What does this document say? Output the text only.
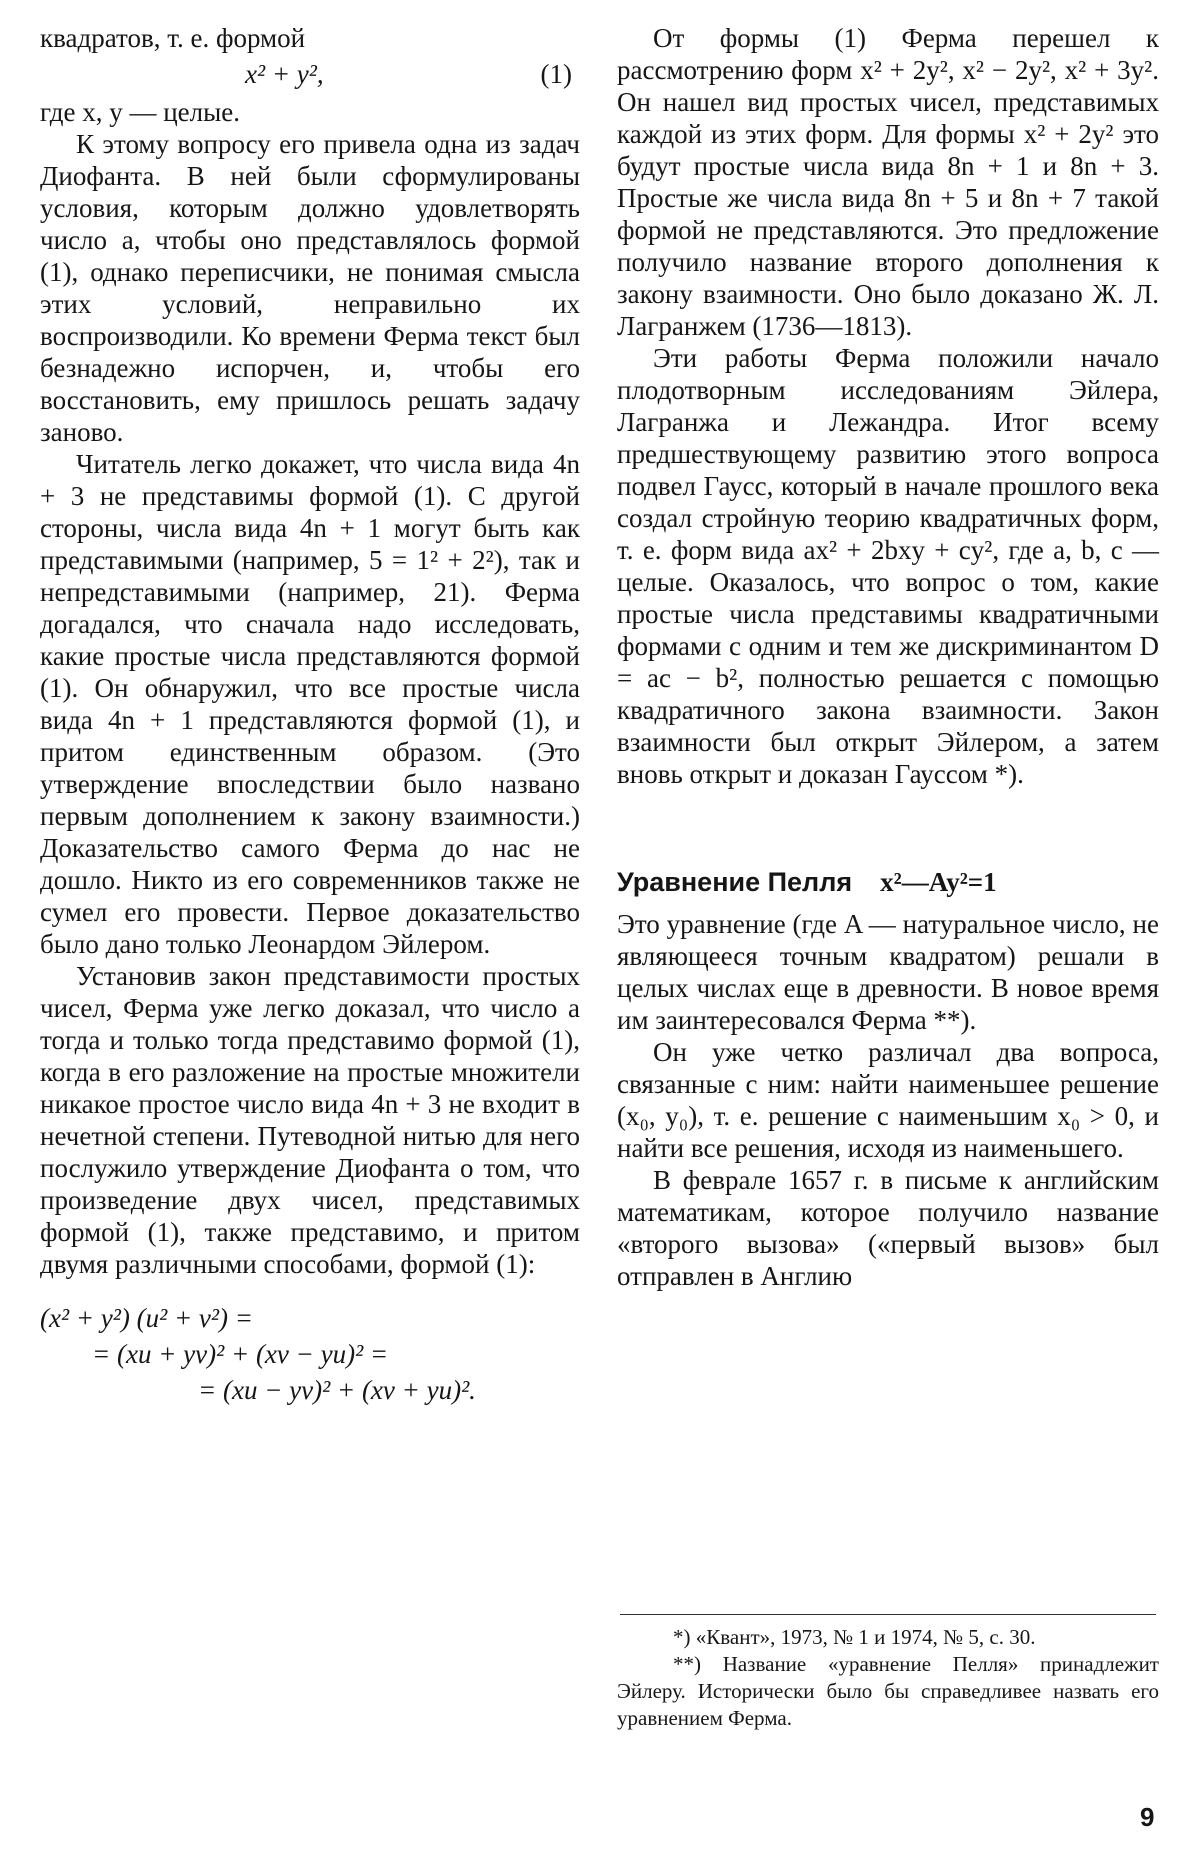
квадратов, т. е. формой

x² + y²,	(1)

где x, y — целые.

К этому вопросу его привела одна из задач Диофанта. В ней были сформулированы условия, которым должно удовлетворять число a, чтобы оно представлялось формой (1), однако переписчики, не понимая смысла этих условий, неправильно их воспроизводили. Ко времени Ферма текст был безнадежно испорчен, и, чтобы его восстановить, ему пришлось решать задачу заново.

Читатель легко докажет, что числа вида 4n + 3 не представимы формой (1). С другой стороны, числа вида 4n + 1 могут быть как представимыми (например, 5 = 1² + 2²), так и непредставимыми (например, 21). Ферма догадался, что сначала надо исследовать, какие простые числа представляются формой (1). Он обнаружил, что все простые числа вида 4n + 1 представляются формой (1), и притом единственным образом. (Это утверждение впоследствии было названо первым дополнением к закону взаимности.) Доказательство самого Ферма до нас не дошло. Никто из его современников также не сумел его провести. Первое доказательство было дано только Леонардом Эйлером.

Установив закон представимости простых чисел, Ферма уже легко доказал, что число a тогда и только тогда представимо формой (1), когда в его разложение на простые множители никакое простое число вида 4n + 3 не входит в нечетной степени. Путеводной нитью для него послужило утверждение Диофанта о том, что произведение двух чисел, представимых формой (1), также представимо, и притом двумя различными способами, формой (1):

(x² + y²) (u² + v²) =
= (xu + yv)² + (xv − yu)² =
= (xu − yv)² + (xv + yu)².

От формы (1) Ферма перешел к рассмотрению форм x² + 2y², x² − 2y², x² + 3y². Он нашел вид простых чисел, представимых каждой из этих форм. Для формы x² + 2y² это будут простые числа вида 8n + 1 и 8n + 3. Простые же числа вида 8n + 5 и 8n + 7 такой формой не представляются. Это предложение получило название второго дополнения к закону взаимности. Оно было доказано Ж. Л. Лагранжем (1736—1813).

Эти работы Ферма положили начало плодотворным исследованиям Эйлера, Лагранжа и Лежандра. Итог всему предшествующему развитию этого вопроса подвел Гаусс, который в начале прошлого века создал стройную теорию квадратичных форм, т. е. форм вида ax² + 2bxy + cy², где a, b, c — целые. Оказалось, что вопрос о том, какие простые числа представимы квадратичными формами с одним и тем же дискриминантом D = ac − b², полностью решается с помощью квадратичного закона взаимности. Закон взаимности был открыт Эйлером, а затем вновь открыт и доказан Гауссом *).

Уравнение Пелля x²—Ay²=1

Это уравнение (где A — натуральное число, не являющееся точным квадратом) решали в целых числах еще в древности. В новое время им заинтересовался Ферма **).

Он уже четко различал два вопроса, связанные с ним: найти наименьшее решение (x₀, y₀), т. е. решение с наименьшим x₀ > 0, и найти все решения, исходя из наименьшего.

В феврале 1657 г. в письме к английским математикам, которое получило название «второго вызова» («первый вызов» был отправлен в Англию

*) «Квант», 1973, № 1 и 1974, № 5, с. 30.

**) Название «уравнение Пелля» принадлежит Эйлеру. Исторически было бы справедливее назвать его уравнением Ферма.

9
